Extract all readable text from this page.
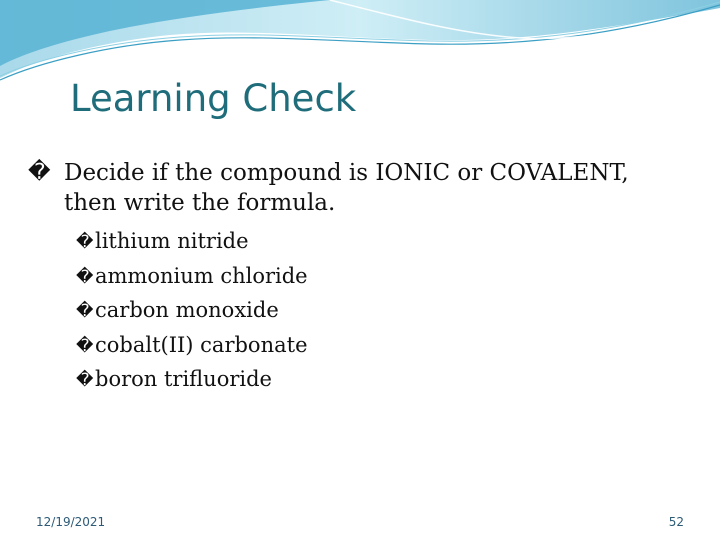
Learning Check
� Decide if the compound is IONIC or COVALENT, then write the formula.
� lithium nitride
� ammonium chloride
� carbon monoxide
� cobalt(II) carbonate
� boron trifluoride
12/19/2021	52
